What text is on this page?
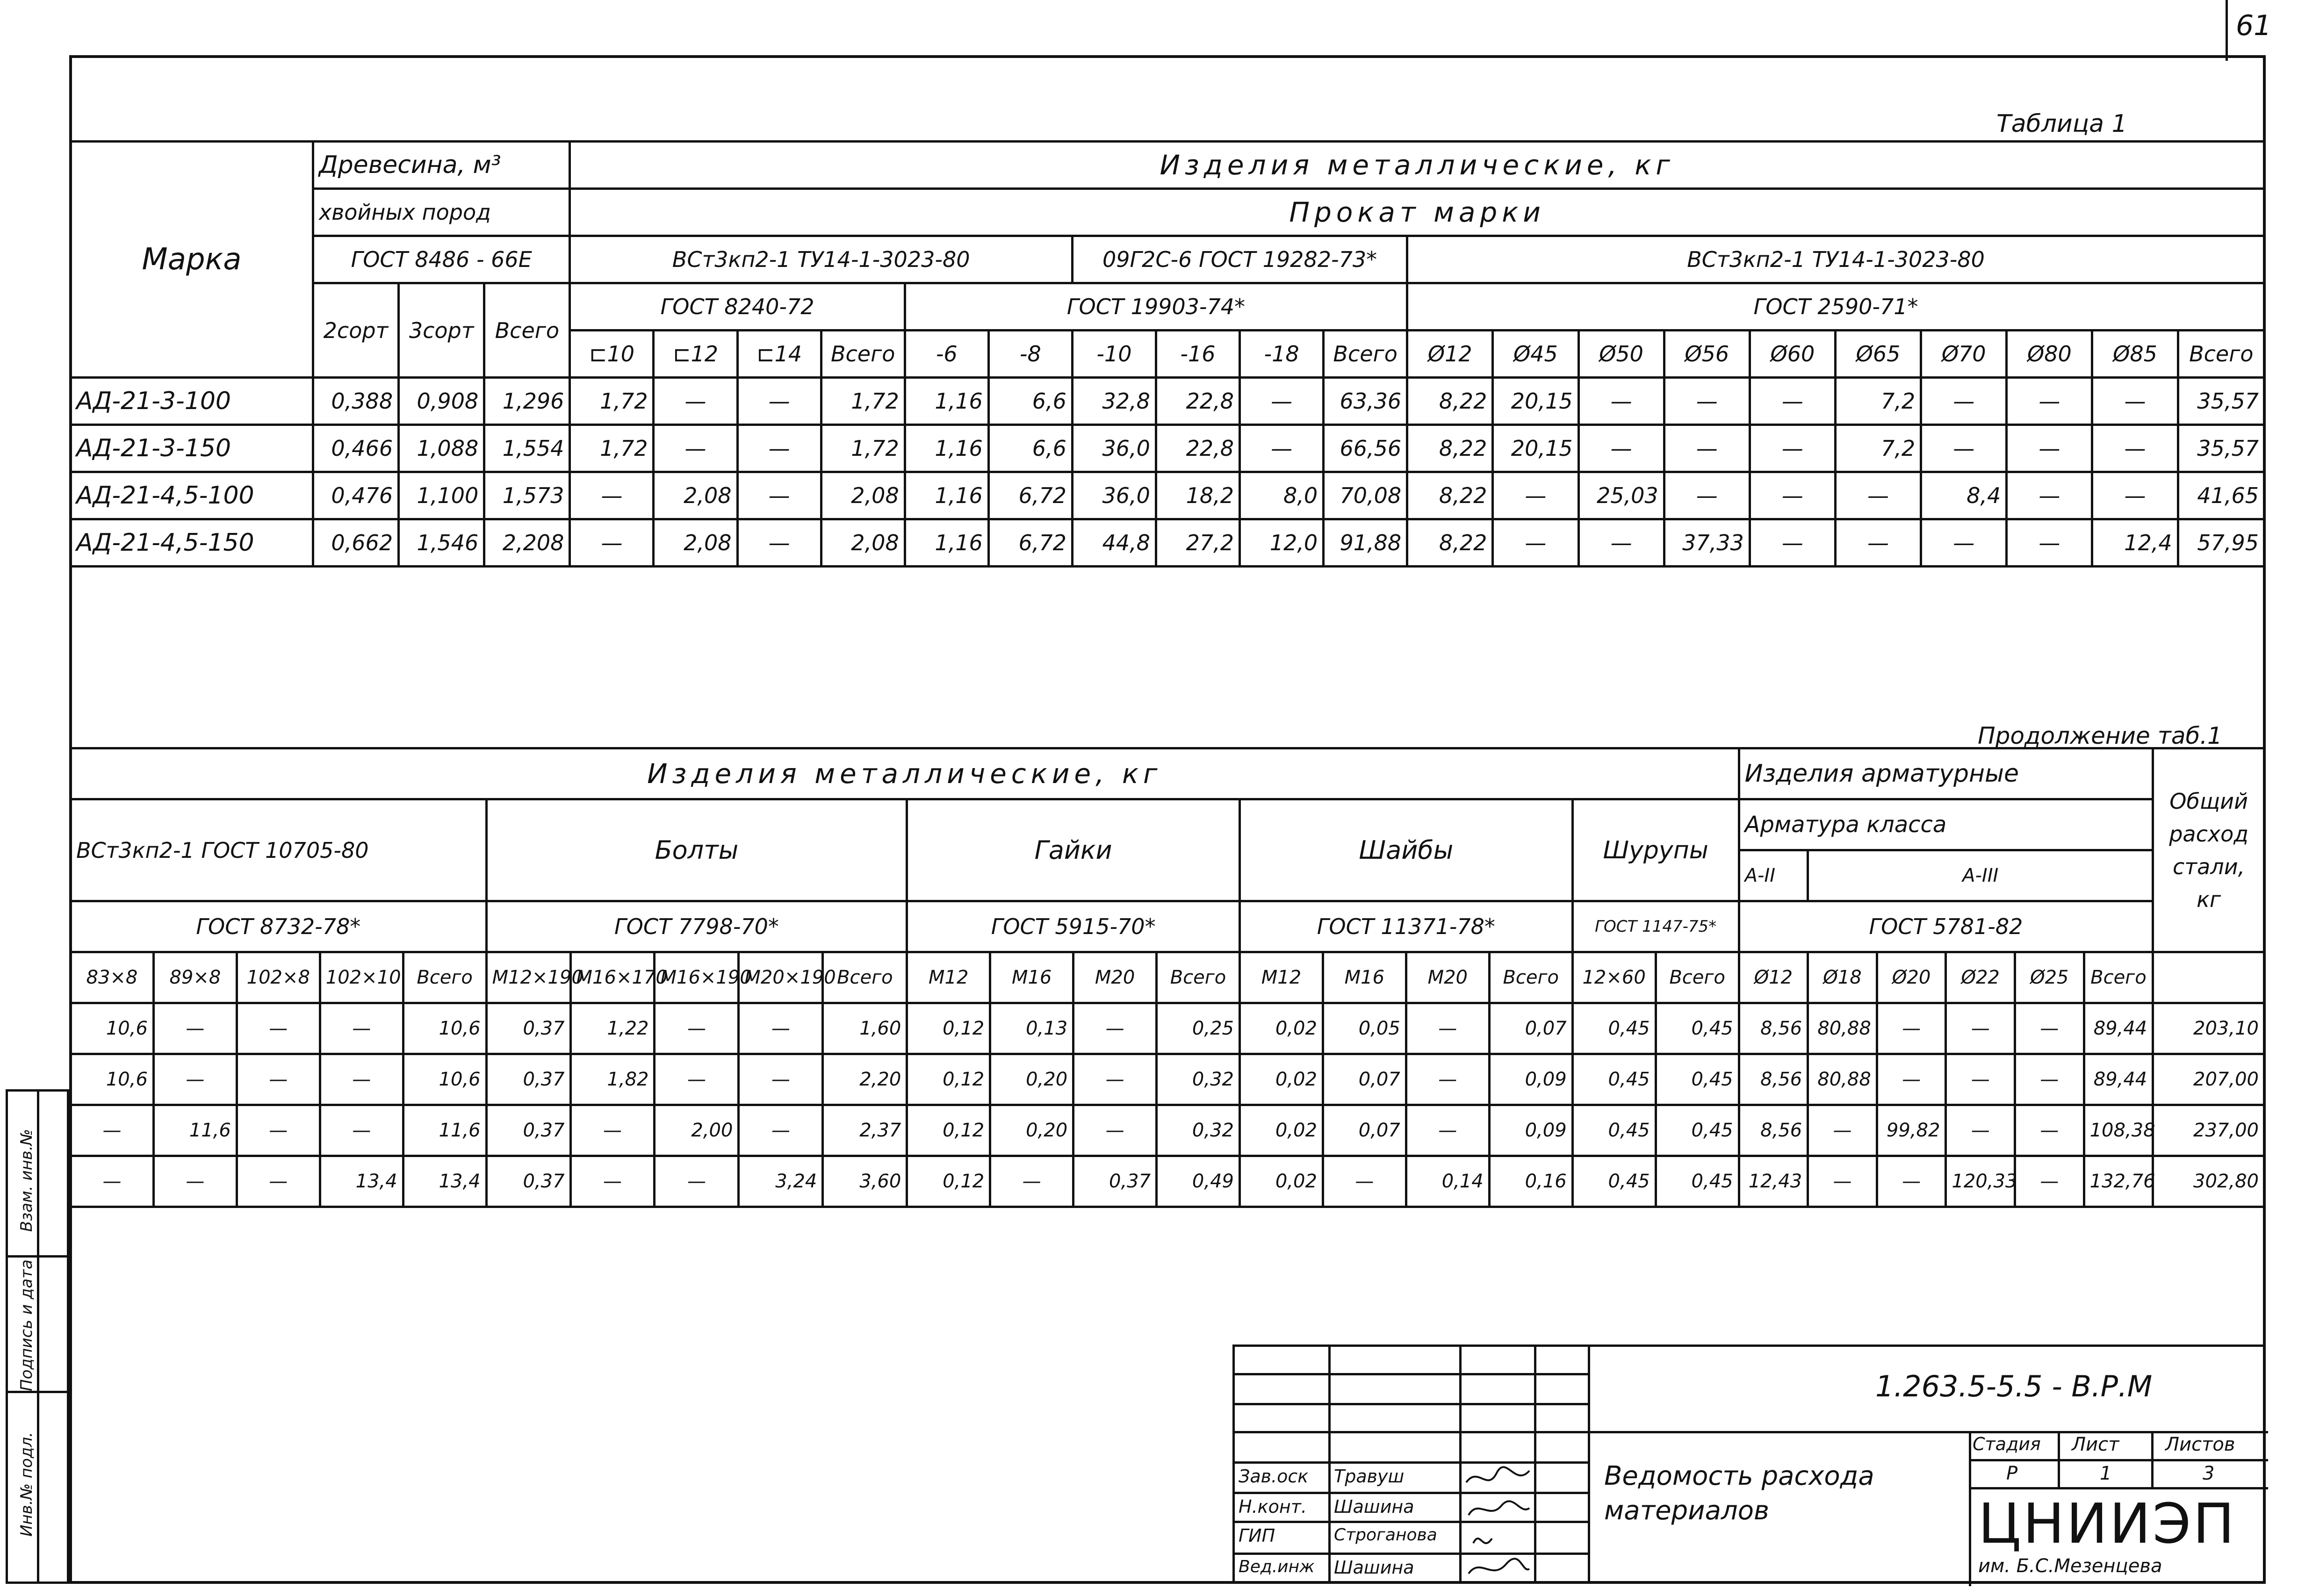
61
Инв.№ подл.
Подпись и дата
Взам. инв.№
Таблица 1
Марка	Древесина, м³			Изделия металлические, кг																			
	хвойных пород			Прокат марки																			
	ГОСТ 8486 - 66Е			ВСт3кп2-1 ТУ14-1-3023-80						09Г2С-6 ГОСТ 19282-73*				ВСт3кп2-1 ТУ14-1-3023-80									
	2сорт	3сорт	Всего	ГОСТ 8240-72				ГОСТ 19903-74*						ГОСТ 2590-71*									
				⊏10	⊏12	⊏14	Всего	-6	-8	-10	-16	-18	Всего	Ø12	Ø45	Ø50	Ø56	Ø60	Ø65	Ø70	Ø80	Ø85	Всего
АД-21-3-100	0,388	0,908	1,296	1,72	—	—	1,72	1,16	6,6	32,8	22,8	—	63,36	8,22	20,15	—	—	—	7,2	—	—	—	35,57
АД-21-3-150	0,466	1,088	1,554	1,72	—	—	1,72	1,16	6,6	36,0	22,8	—	66,56	8,22	20,15	—	—	—	7,2	—	—	—	35,57
АД-21-4,5-100	0,476	1,100	1,573	—	2,08	—	2,08	1,16	6,72	36,0	18,2	8,0	70,08	8,22	—	25,03	—	—	—	8,4	—	—	41,65
АД-21-4,5-150	0,662	1,546	2,208	—	2,08	—	2,08	1,16	6,72	44,8	27,2	12,0	91,88	8,22	—	—	37,33	—	—	—	—	12,4	57,95
Продолжение таб.1
Изделия металлические, кг																				Изделия арматурные						Общий расход стали, кг
ВСт3кп2-1 ГОСТ 10705-80					Болты					Гайки				Шайбы				Шурупы		Арматура класса						
																				А-II	А-III					
ГОСТ 8732-78*					ГОСТ 7798-70*					ГОСТ 5915-70*				ГОСТ 11371-78*				ГОСТ 1147-75*		ГОСТ 5781-82						
83×8	89×8	102×8	102×10	Всего	М12×190	М16×170	М16×190	М20×190	Всего	М12	М16	М20	Всего	М12	М16	М20	Всего	12×60	Всего	Ø12	Ø18	Ø20	Ø22	Ø25	Всего	
10,6	—	—	—	10,6	0,37	1,22	—	—	1,60	0,12	0,13	—	0,25	0,02	0,05	—	0,07	0,45	0,45	8,56	80,88	—	—	—	89,44	203,10
10,6	—	—	—	10,6	0,37	1,82	—	—	2,20	0,12	0,20	—	0,32	0,02	0,07	—	0,09	0,45	0,45	8,56	80,88	—	—	—	89,44	207,00
—	11,6	—	—	11,6	0,37	—	2,00	—	2,37	0,12	0,20	—	0,32	0,02	0,07	—	0,09	0,45	0,45	8,56	—	99,82	—	—	108,38	237,00
—	—	—	13,4	13,4	0,37	—	—	3,24	3,60	0,12	—	0,37	0,49	0,02	—	0,14	0,16	0,45	0,45	12,43	—	—	120,33	—	132,76	302,80
Зав.оск
Н.конт.
ГИП
Вед.инж
Травуш
Шашина
Строганова
Шашина
1.263.5-5.5 - В.Р.М
Ведомость расхода материалов
Стадия Лист Листов
Р	1	3
ЦНИИЭП
им. Б.С.Мезенцева
